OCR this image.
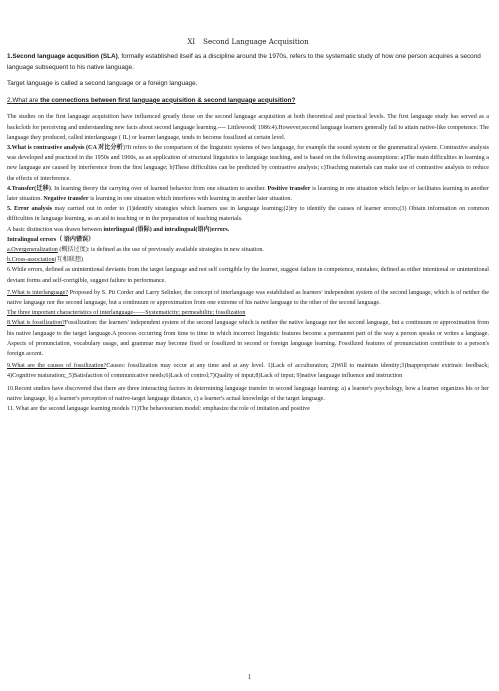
XI Second Language Acquisition

1.Second language acqusition (SLA), formally established itself as a discipline around the 1970s, refers to the systematic study of how one person acquires a second language subsequent to his native language.

Target language is called a second language or a foreign language.

2.What are the connections between first language acquisition & second language acquisition?

The studies on the first language acquisition have influenced greatly those on the second language acquisition at both theoretical and practical levels. The first language study has served as a backcloth for perceiving and understanding new facts about second language learning.---- Littlewood( 1986:4).However,second language learners generally fail to attain native-like competence. The language they produced, called interlanguage ( IL) or learner language, tends to become fossilized at certain level.

3.What is contrastive analysis (CA 对比分析)?It refers to the comparison of the linguistic systems of two language, for example the sound system or the grammatical system. Contrastive analysis was developed and practiced in the 1950s and 1960s, as an application of structural linguistics to language teaching, and is based on the following assumptions: a)The main difficulties in learning a new language are caused by interference from the first language; b)These difficulties can be predicted by contrastive analysis; c)Teaching materials can make use of contrastive analysis to reduce the effects of interference.

4.Transfer(迁移). In learning theory the carrying over of learned behavior from one situation to another. Positive transfer is learning in one situation which helps or facilitates learning in another later situation. Negative transfer is learning in one situation which interferes with learning in another later situation.

5. Error analysis may carried out in order to (1)identify strategies which learners use in language learning;(2)try to identify the causes of learner errors;(3) Obtain information on common difficulties in language learning, as an aid to teaching or in the preparation of teaching materials.

A basic distinction was drawn between interlingual (语际) and intralingual(语内)errors.

Intralingual errors（ 语内错误）

a.Overgeneralization (概括过度): is defined as the use of previously available strategies in new situation.

b.Cross-association(互相联想)

6.While errors, defined as unintentional deviants from the target language and not self corrigible by the learner, suggest failure in competence, mistakes, defined as either intentional or unintentional deviant forms and self-corrigible, suggest failure in performance.

7.What is interlanguage? Proposed by S. Pit Corder and Larry Selinker, the concept of interlanguage was established as learners' independent system of the second language, which is of neither the native language nor the second language, but a continuum or approximation from one extreme of his native language to the other of the second language.

The three important characteristics of interlanguage——Systematicity; permeability; fossilization

8.What is fossilization?Fossilization: the learners' independent system of the second language which is neither the native language nor the second language, but a continuum or approximation from his native language to the target language.A process occurring from time to time in which incorrect linguistic features become a permanent part of the way a person speaks or writes a language. Aspects of pronunciation, vocabulary usage, and grammar may become fixed or fossilized in second or foreign language learning. Fossilized features of pronunciation contribute to a person's foreign accent.

9.What are the causes of fossilization?Causes: fossilization may occur at any time and at any level. 1)Lack of acculturation; 2)Will to maintain identity;3)Inappropriate extrinsic feedback; 4)Cognitive maturation;_5)Satisfaction of communicative needs;6)Lack of control;7)Quality of input;8)Lack of input; 9)native language influence and instruction

10.Recent studies have discovered that there are three interacting factors in determining language transfer in second language learning: a) a learner's psychology, how a learner organizes his or her native language, b) a learner's perception of native-target language distance, c) a learner's actual knowledge of the target language.

11. What are the second language learning models ?1)The behaviourism model: emphasize the role of imitation and positive

1
